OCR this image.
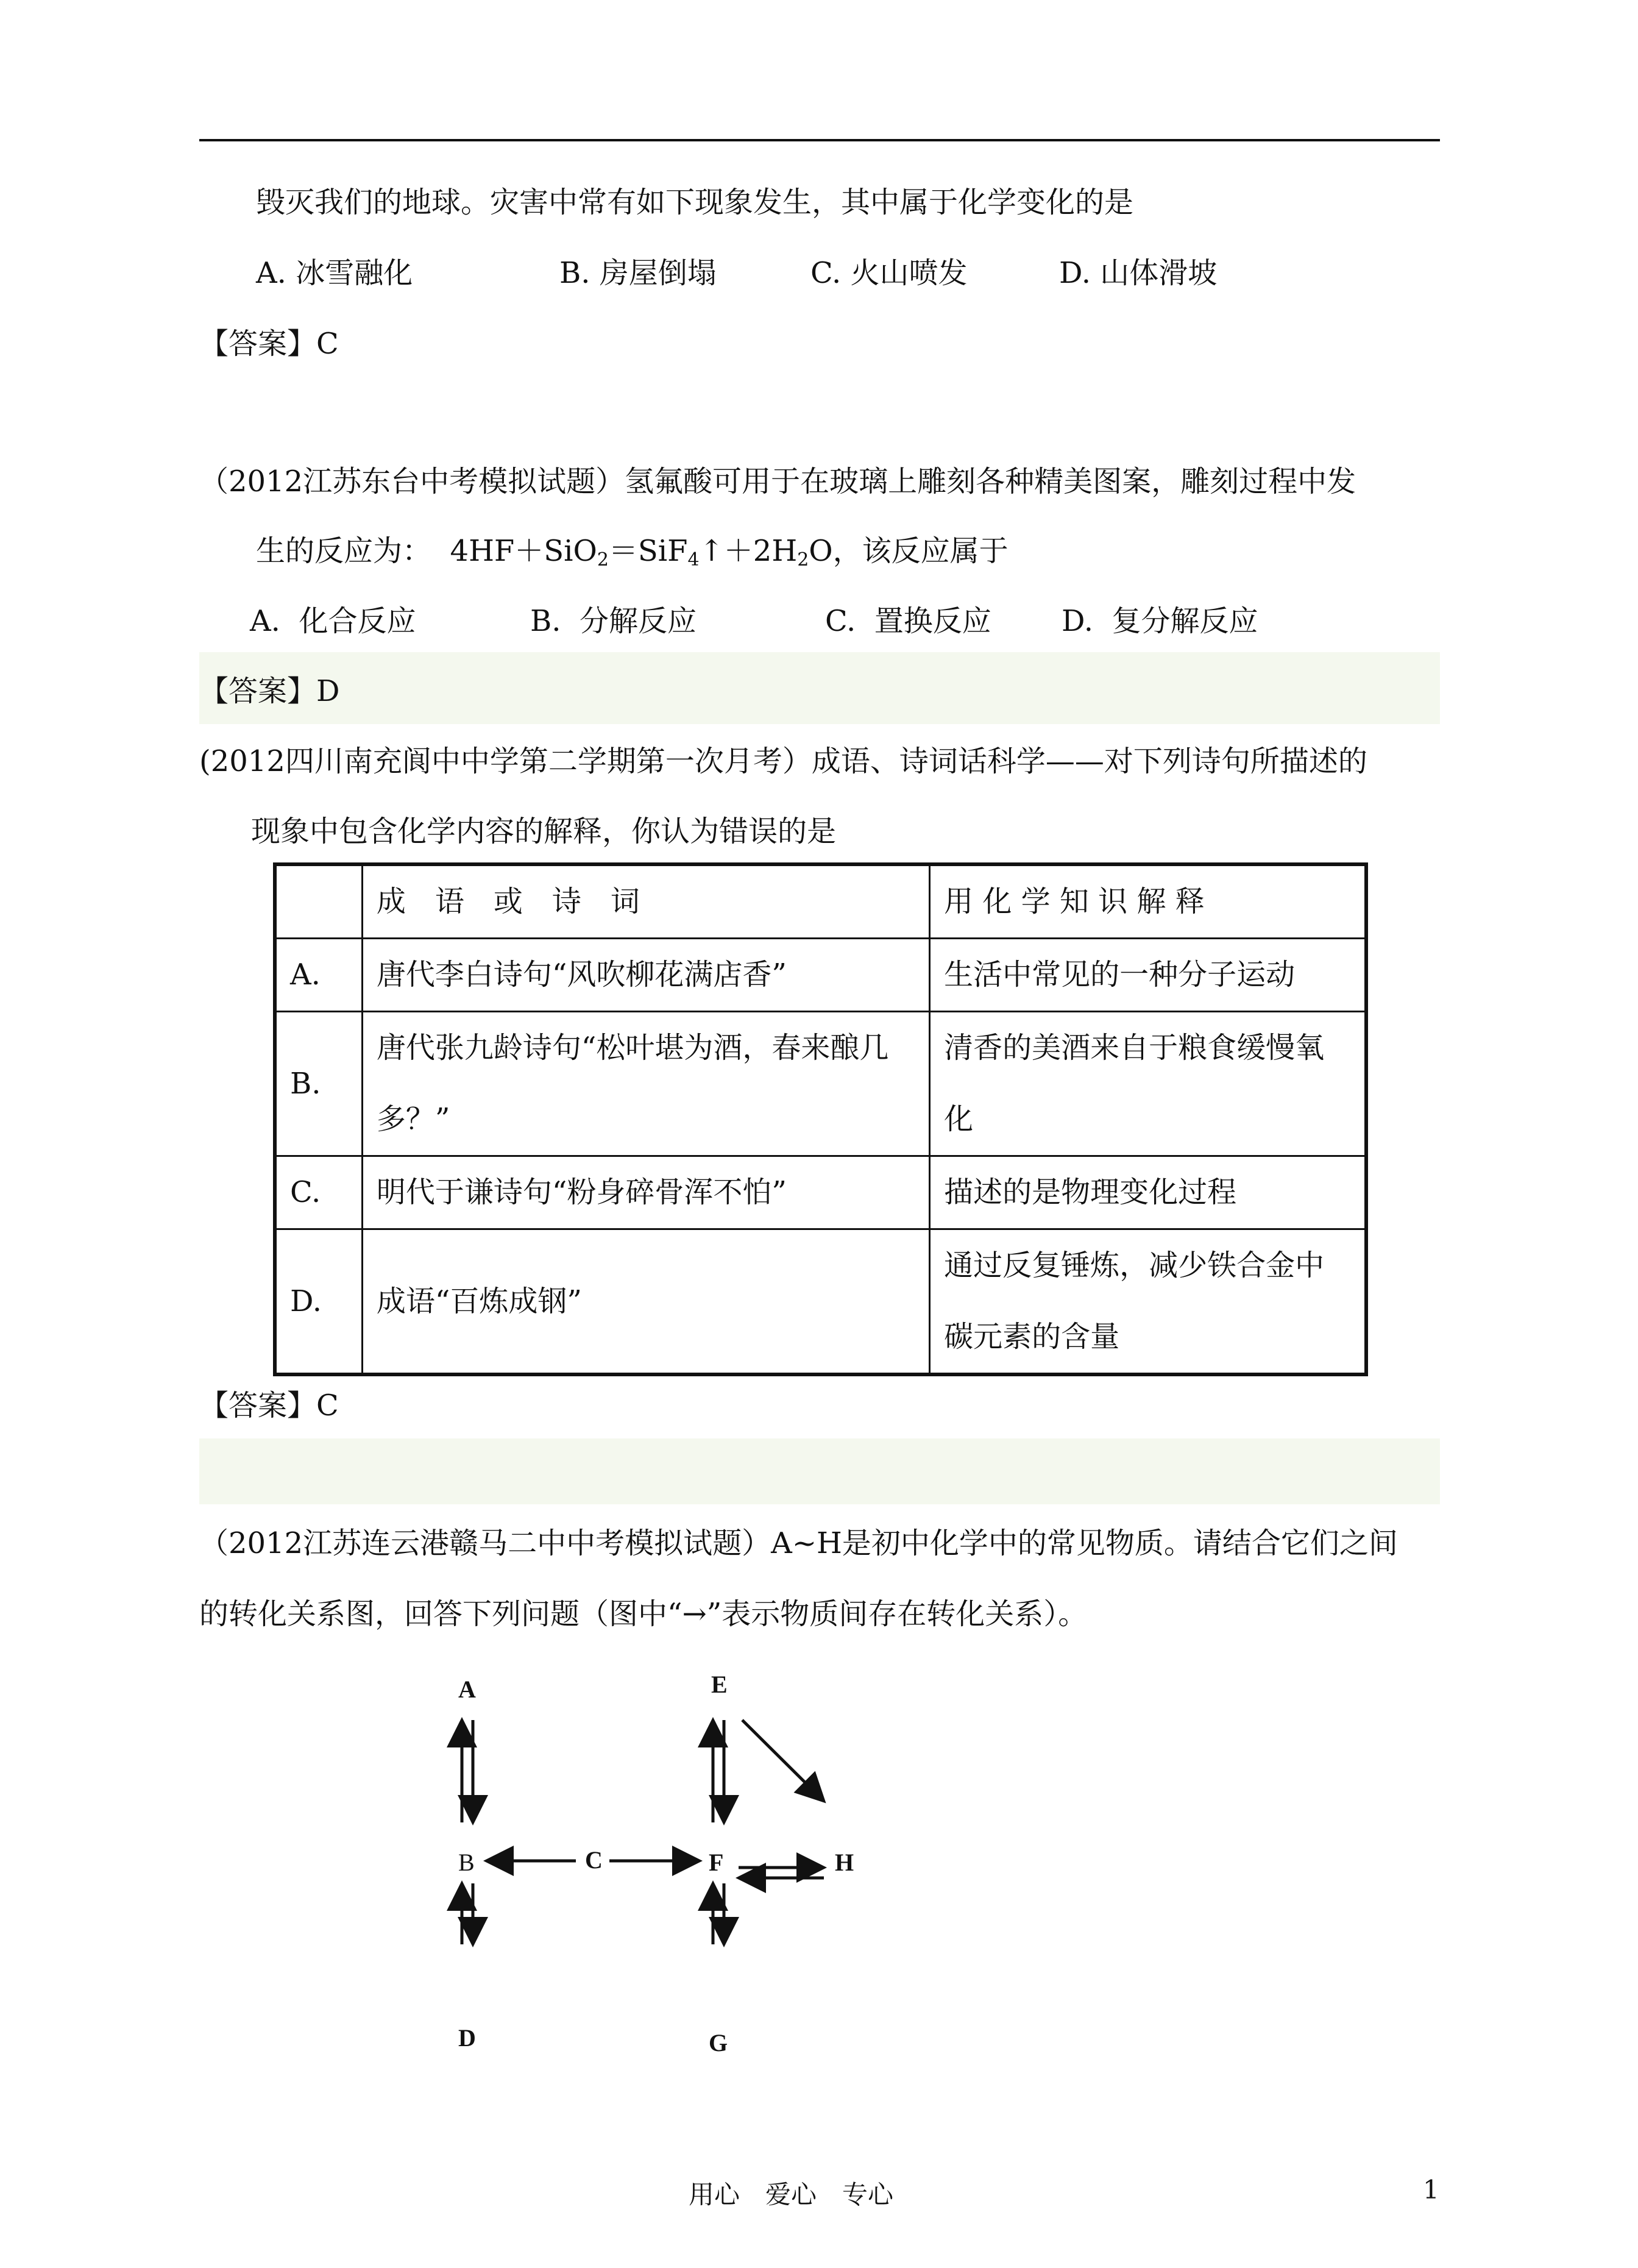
毁灭我们的地球。灾害中常有如下现象发生，其中属于化学变化的是
A. 冰雪融化	B. 房屋倒塌	C. 火山喷发	D. 山体滑坡
【答案】C
（2012江苏东台中考模拟试题）氢氟酸可用于在玻璃上雕刻各种精美图案，雕刻过程中发
生的反应为： $4HF+SiO_2=SiF_4↑+2H_2O$，该反应属于
A. 化合反应	B. 分解反应	C. 置换反应 D. 复分解反应
【答案】D
(2012四川南充阆中中学第二学期第一次月考）成语、诗词话科学——对下列诗句所描述的
现象中包含化学内容的解释，你认为错误的是
	成　语　或　诗　词	用 化 学 知 识 解 释
A.	唐代李白诗句“风吹柳花满店香”	生活中常见的一种分子运动
B.	唐代张九龄诗句“松叶堪为酒，春来酿几多？”	清香的美酒来自于粮食缓慢氧化
C.	明代于谦诗句“粉身碎骨浑不怕”	描述的是物理变化过程
D.	成语“百炼成钢”	通过反复锤炼，减少铁合金中碳元素的含量
【答案】C
（2012江苏连云港赣马二中中考模拟试题）A~H是初中化学中的常见物质。请结合它们之间
的转化关系图，回答下列问题（图中“→”表示物质间存在转化关系）。
A	E
B	C	F	H
D	G
用心　爱心　专心	1
